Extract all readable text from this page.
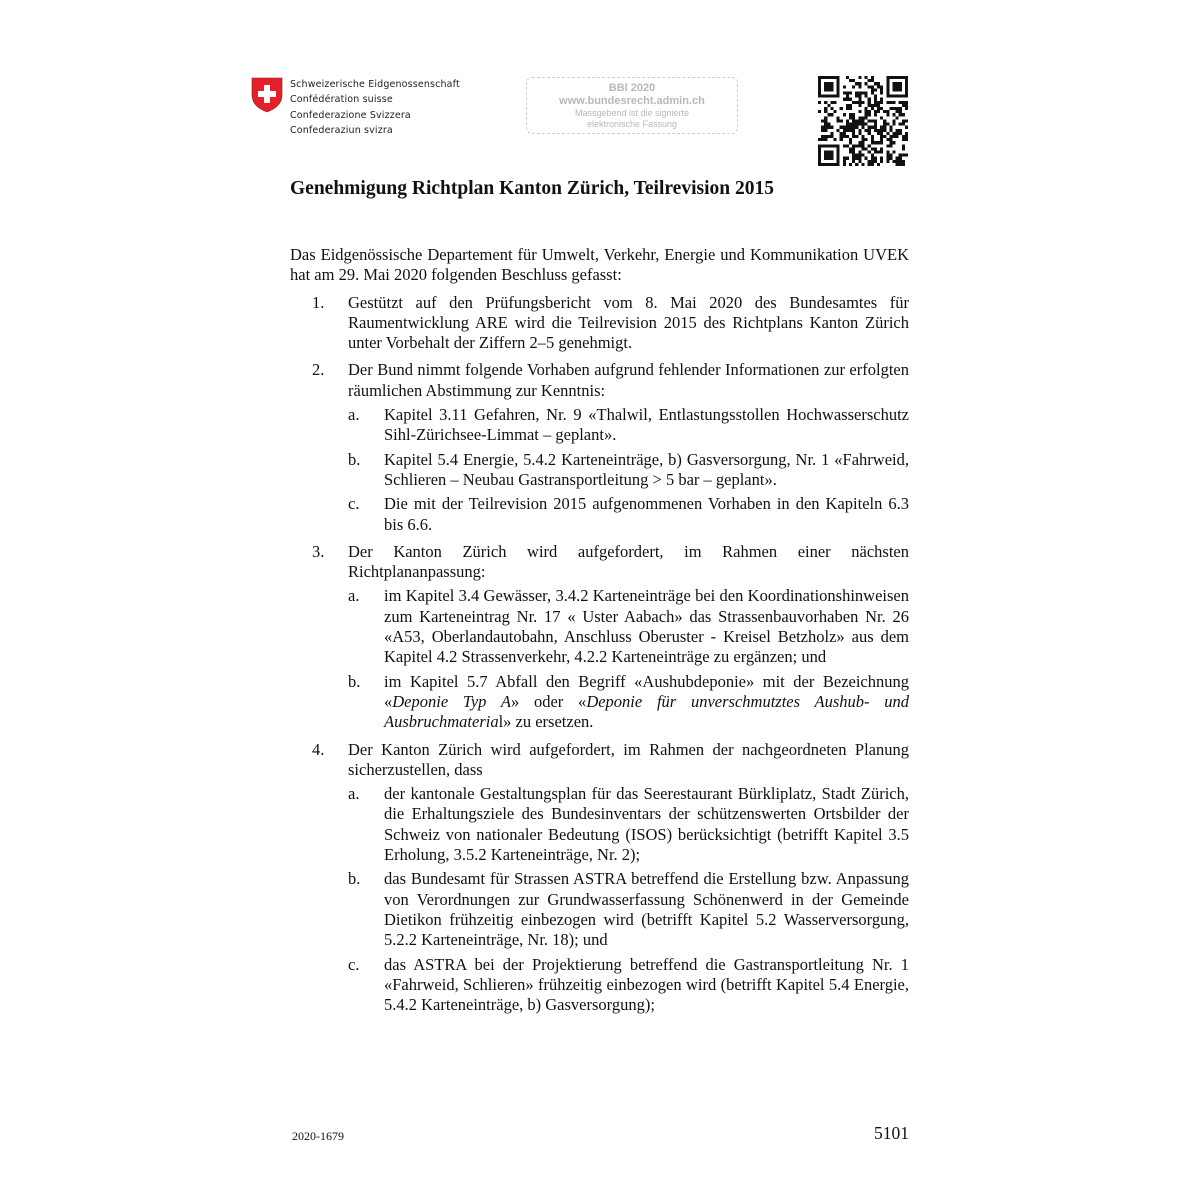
Schweizerische Eidgenossenschaft
Confédération suisse
Confederazione Svizzera
Confederaziun svizra
BBl 2020
www.bundesrecht.admin.ch
Massgebend ist die signierte
elektronische Fassung
Genehmigung Richtplan Kanton Zürich, Teilrevision 2015

Das Eidgenössische Departement für Umwelt, Verkehr, Energie und Kommunikation UVEK hat am 29. Mai 2020 folgenden Beschluss gefasst:

1. Gestützt auf den Prüfungsbericht vom 8. Mai 2020 des Bundesamtes für Raumentwicklung ARE wird die Teilrevision 2015 des Richtplans Kanton Zürich unter Vorbehalt der Ziffern 2–5 genehmigt.
2. Der Bund nimmt folgende Vorhaben aufgrund fehlender Informationen zur erfolgten räumlichen Abstimmung zur Kenntnis:
a. Kapitel 3.11 Gefahren, Nr. 9 «Thalwil, Entlastungsstollen Hochwasserschutz Sihl-Zürichsee-Limmat – geplant».
b. Kapitel 5.4 Energie, 5.4.2 Karteneinträge, b) Gasversorgung, Nr. 1 «Fahrweid, Schlieren – Neubau Gastransportleitung > 5 bar – geplant».
c. Die mit der Teilrevision 2015 aufgenommenen Vorhaben in den Kapiteln 6.3 bis 6.6.
3. Der Kanton Zürich wird aufgefordert, im Rahmen einer nächsten Richtplananpassung:
a. im Kapitel 3.4 Gewässer, 3.4.2 Karteneinträge bei den Koordinationshinweisen zum Karteneintrag Nr. 17 « Uster Aabach» das Strassenbauvorhaben Nr. 26 «A53, Oberlandautobahn, Anschluss Oberuster - Kreisel Betzholz» aus dem Kapitel 4.2 Strassenverkehr, 4.2.2 Karteneinträge zu ergänzen; und
b. im Kapitel 5.7 Abfall den Begriff «Aushubdeponie» mit der Bezeichnung «Deponie Typ A» oder «Deponie für unverschmutztes Aushub- und Ausbruchmaterial» zu ersetzen.
4. Der Kanton Zürich wird aufgefordert, im Rahmen der nachgeordneten Planung sicherzustellen, dass
a. der kantonale Gestaltungsplan für das Seerestaurant Bürkliplatz, Stadt Zürich, die Erhaltungsziele des Bundesinventars der schützenswerten Ortsbilder der Schweiz von nationaler Bedeutung (ISOS) berücksichtigt (betrifft Kapitel 3.5 Erholung, 3.5.2 Karteneinträge, Nr. 2);
b. das Bundesamt für Strassen ASTRA betreffend die Erstellung bzw. Anpassung von Verordnungen zur Grundwasserfassung Schönenwerd in der Gemeinde Dietikon frühzeitig einbezogen wird (betrifft Kapitel 5.2 Wasserversorgung, 5.2.2 Karteneinträge, Nr. 18); und
c. das ASTRA bei der Projektierung betreffend die Gastransportleitung Nr. 1 «Fahrweid, Schlieren» frühzeitig einbezogen wird (betrifft Kapitel 5.4 Energie, 5.4.2 Karteneinträge, b) Gasversorgung);
2020-1679	5101
